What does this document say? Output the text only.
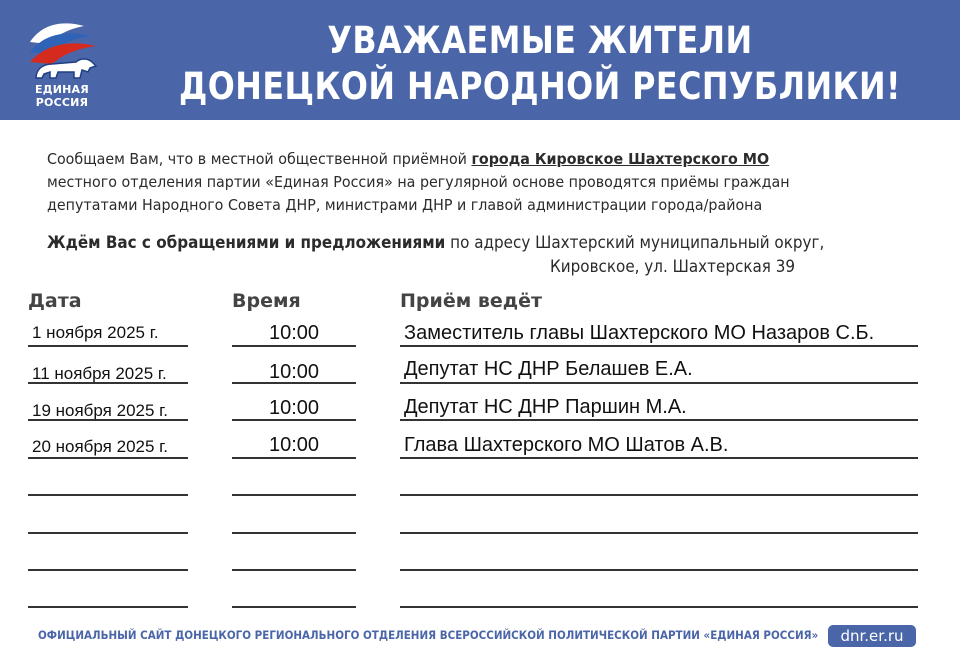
ЕДИНАЯ
РОССИЯ
УВАЖАЕМЫЕ ЖИТЕЛИ
ДОНЕЦКОЙ НАРОДНОЙ РЕСПУБЛИКИ!
Сообщаем Вам, что в местной общественной приёмной города Кировское Шахтерского МО
местного отделения партии «Единая Россия» на регулярной основе проводятся приёмы граждан
депутатами Народного Совета ДНР, министрами ДНР и главой администрации города/района
Ждём Вас с обращениями и предложениями по адресу Шахтерский муниципальный округ,
Кировское, ул. Шахтерская 39
Дата	Время	Приём ведёт
1 ноября 2025 г.	10:00	Заместитель главы Шахтерского МО Назаров С.Б.
11 ноября 2025 г.	10:00	Депутат НС ДНР Белашев Е.А.
19 ноября 2025 г.	10:00	Депутат НС ДНР Паршин М.А.
20 ноября 2025 г.	10:00	Глава Шахтерского МО Шатов А.В.
ОФИЦИАЛЬНЫЙ САЙТ ДОНЕЦКОГО РЕГИОНАЛЬНОГО ОТДЕЛЕНИЯ ВСЕРОССИЙСКОЙ ПОЛИТИЧЕСКОЙ ПАРТИИ «ЕДИНАЯ РОССИЯ»	dnr.er.ru
